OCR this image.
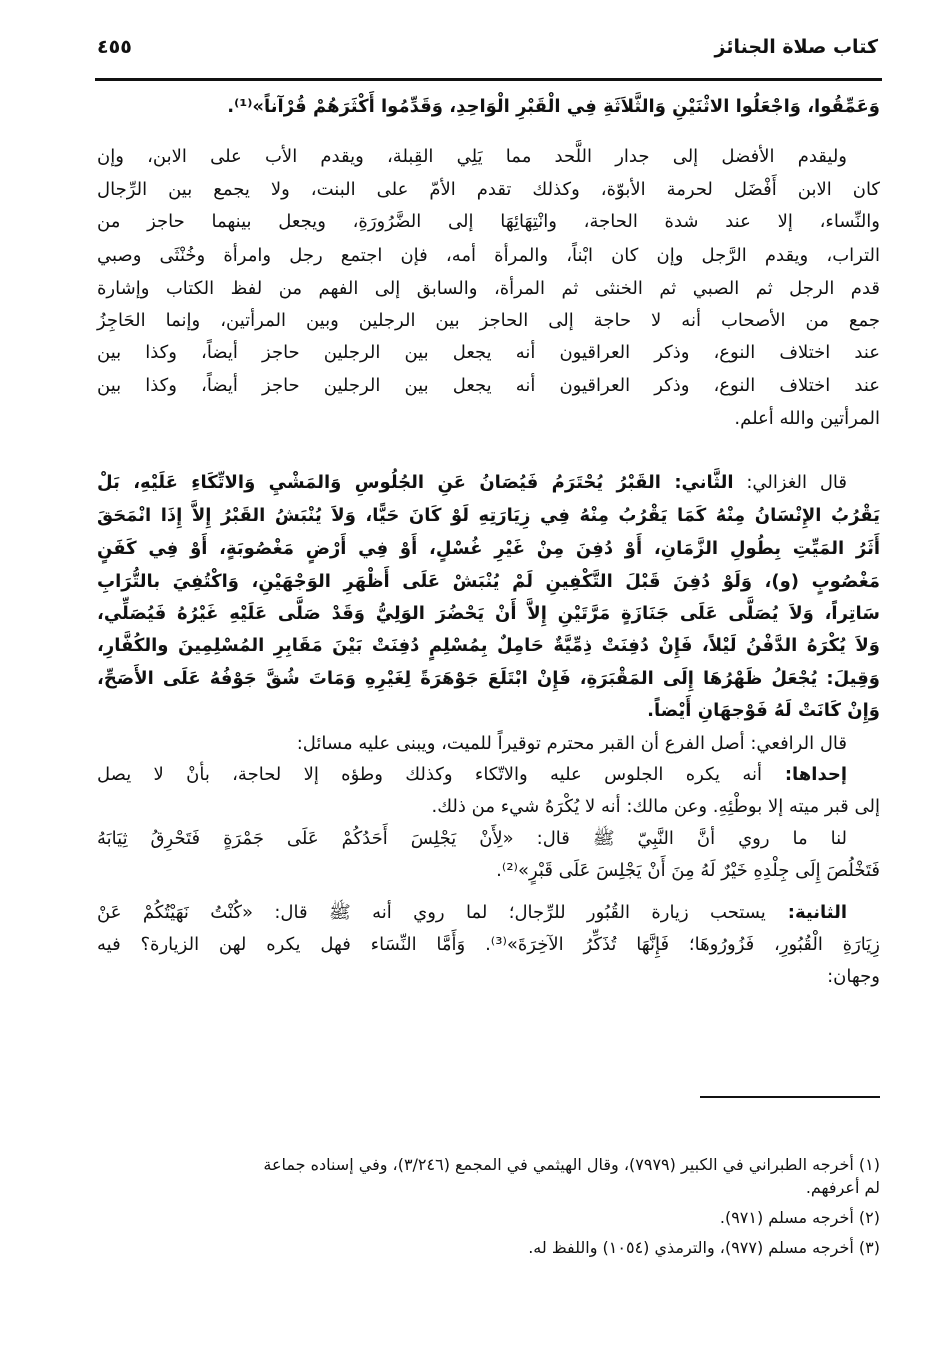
كتاب صلاة الجنائز
٤٥٥
وَعَمِّقُوا، وَاجْعَلُوا الاثْنَيْنِ وَالثَّلاَثَةِ فِي الْقَبْرِ الْوَاحِدِ، وَقَدِّمُوا أَكْثَرَهُمْ قُرْآناً»⁽¹⁾.
وليقدم الأفضل إلى جدار اللَّحد مما يَلِي القِبلة، ويقدم الأب على الابن، وإن
كان الابن أَفْضَل لحرمة الأبوّة، وكذلك تقدم الأمّ على البنت، ولا يجمع بين الرِّجال
والنِّساء، إلا عند شدة الحاجة، وانْتِهَائِهَا إلى الضَّرُورَةِ، ويجعل بينهما حاجز من
التراب، ويقدم الرَّجل وإن كان ابْناً، والمرأة أمه، فإن اجتمع رجل وامرأة وخُنْثَى وصبي
قدم الرجل ثم الصبي ثم الخنثى ثم المرأة، والسابق إلى الفهم من لفظ الكتاب وإشارة
جمع من الأصحاب أنه لا حاجة إلى الحاجز بين الرجلين وبين المرأتين، وإنما الحَاجِزُ
عند اختلاف النوع، وذكر العراقيون أنه يجعل بين الرجلين حاجز أيضاً، وكذا بين
عند اختلاف النوع، وذكر العراقيون أنه يجعل بين الرجلين حاجز أيضاً، وكذا بين
المرأتين والله أعلم.
قال الغزالي: الثَّاني: القَبْرُ يُحْتَرَمُ فَيُصَانُ عَنِ الجُلُوسِ وَالمَشْيِ وَالاتِّكَاءِ عَلَيْهِ، بَلْ
يَقْرُبُ الإِنْسَانُ مِنْهُ كَمَا يَقْرُبُ مِنْهُ فِي زِيَارَتِهِ لَوْ كَانَ حَيًّا، وَلاَ يُنْبَشُ القَبْرُ إِلاَّ إِذَا انْمَحَقَ
أَثَرُ المَيِّتِ بِطُولِ الزَّمَانِ، أَوْ دُفِنَ مِنْ غَيْرِ غُسْلٍ، أَوْ فِي أَرْضٍ مَغْصُوبَةٍ، أَوْ فِي كَفَنٍ
مَغْصُوبٍ (و)، وَلَوْ دُفِنَ قَبْلَ التَّكْفِينِ لَمْ يُنْبَشْ عَلَى أَظْهَرِ الوَجْهَيْنِ، وَاكْتُفِيَ بالتُّرَابِ
سَاتِراً، وَلاَ يُصَلَّى عَلَى جَنَازَةٍ مَرَّتَيْنِ إِلاَّ أَنْ يَحْضُرَ الوَلِيُّ وَقَدْ صَلَّى عَلَيْهِ غَيْرُهُ فَيُصَلِّي،
وَلاَ يُكْرَهُ الدَّفْنُ لَيْلاً، فَإِنْ دُفِنَتْ ذِمِّيَّةٌ حَامِلٌ بِمُسْلِمٍ دُفِنَتْ بَيْنَ مَقَابِرِ المُسْلِمِينَ والكُفَّارِ،
وَقِيلَ: يُجْعَلُ ظَهْرُهَا إِلَى المَقْبَرَةِ، فَإِنْ ابْتَلَعَ جَوْهَرَةً لِغَيْرِهِ وَمَاتَ شُقَّ جَوْفُهُ عَلَى الأَصَحِّ،
وَإِنْ كَانَتْ لَهُ فَوْجهَانِ أَيْضاً.
قال الرافعي: أصل الفرع أن القبر محترم توقيراً للميت، ويبنى عليه مسائل:
إحداها: أنه يكره الجلوس عليه والاتّكاء وكذلك وطؤه إلا لحاجة، بأنْ لا يصل
إلى قبر ميته إلا بوطْئِهِ. وعن مالك: أنه لا يُكْرَهُ شيء من ذلك.
لنا ما روي أنَّ النَّبِيّ ﷺ قال: «لِأَنْ يَجْلِسَ أَحَدُكُمْ عَلَى جَمْرَةٍ فَتَحْرِقُ ثِيَابَهُ
فَتَخْلُصَ إِلَى جِلْدِهِ خَيْرٌ لَهُ مِنَ أَنْ يَجْلِسَ عَلَى قَبْرٍ»⁽²⁾.
الثانية: يستحب زيارة القُبُور للرِّجال؛ لما روي أنه ﷺ قال: «كُنْتُ نَهَيْتُكُمْ عَنْ
زِيَارَةِ الْقُبُورِ، فَزُورُوهَا؛ فَإِنَّهَا تُذَكِّرُ الآخِرَةَ»⁽³⁾. وَأَمَّا النِّسَاء فهل يكره لهن الزيارة؟ فيه
وجهان:
(١) أخرجه الطبراني في الكبير (٧٩٧٩)، وقال الهيثمي في المجمع (٣/٢٤٦)، وفي إسناده جماعة
لم أعرفهم.
(٢) أخرجه مسلم (٩٧١).
(٣) أخرجه مسلم (٩٧٧)، والترمذي (١٠٥٤) واللفظ له.
